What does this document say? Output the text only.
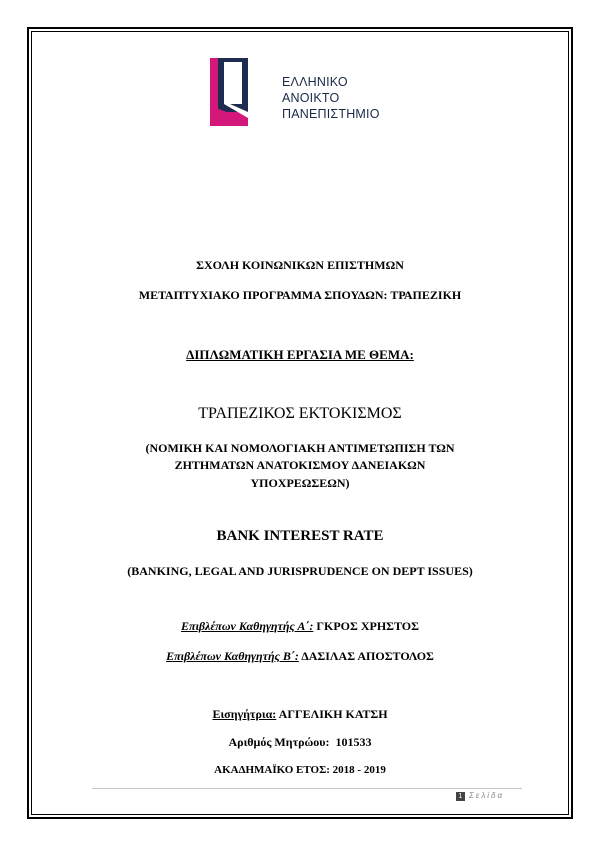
ΕΛΛΗΝΙΚΟ
ΑΝΟΙΚΤΟ
ΠΑΝΕΠΙΣΤΗΜΙΟ
ΣΧΟΛΗ ΚΟΙΝΩΝΙΚΩΝ ΕΠΙΣΤΗΜΩΝ
ΜΕΤΑΠΤΥΧΙΑΚΟ ΠΡΟΓΡΑΜΜΑ ΣΠΟΥΔΩΝ: ΤΡΑΠΕΖΙΚΗ
ΔΙΠΛΩΜΑΤΙΚΗ ΕΡΓΑΣΙΑ ΜΕ ΘΕΜΑ:
ΤΡΑΠΕΖΙΚΟΣ ΕΚΤΟΚΙΣΜΟΣ
(ΝΟΜΙΚΗ ΚΑΙ ΝΟΜΟΛΟΓΙΑΚΗ ΑΝΤΙΜΕΤΩΠΙΣΗ ΤΩΝ
ΖΗΤΗΜΑΤΩΝ ΑΝΑΤΟΚΙΣΜΟΥ ΔΑΝΕΙΑΚΩΝ
ΥΠΟΧΡΕΩΣΕΩΝ)
BANK INTEREST RATE
(BANKING, LEGAL AND JURISPRUDENCE ON DEPT ISSUES)
Επιβλέπων Καθηγητής Α΄: ΓΚΡΟΣ ΧΡΗΣΤΟΣ
Επιβλέπων Καθηγητής Β΄: ΔΑΣΙΛΑΣ ΑΠΟΣΤΟΛΟΣ
Εισηγήτρια: ΑΓΓΕΛΙΚΗ ΚΑΤΣΗ
Αριθμός Μητρώου: 101533
ΑΚΑΔΗΜΑΪΚΟ ΕΤΟΣ: 2018 - 2019
1 Σελίδα
